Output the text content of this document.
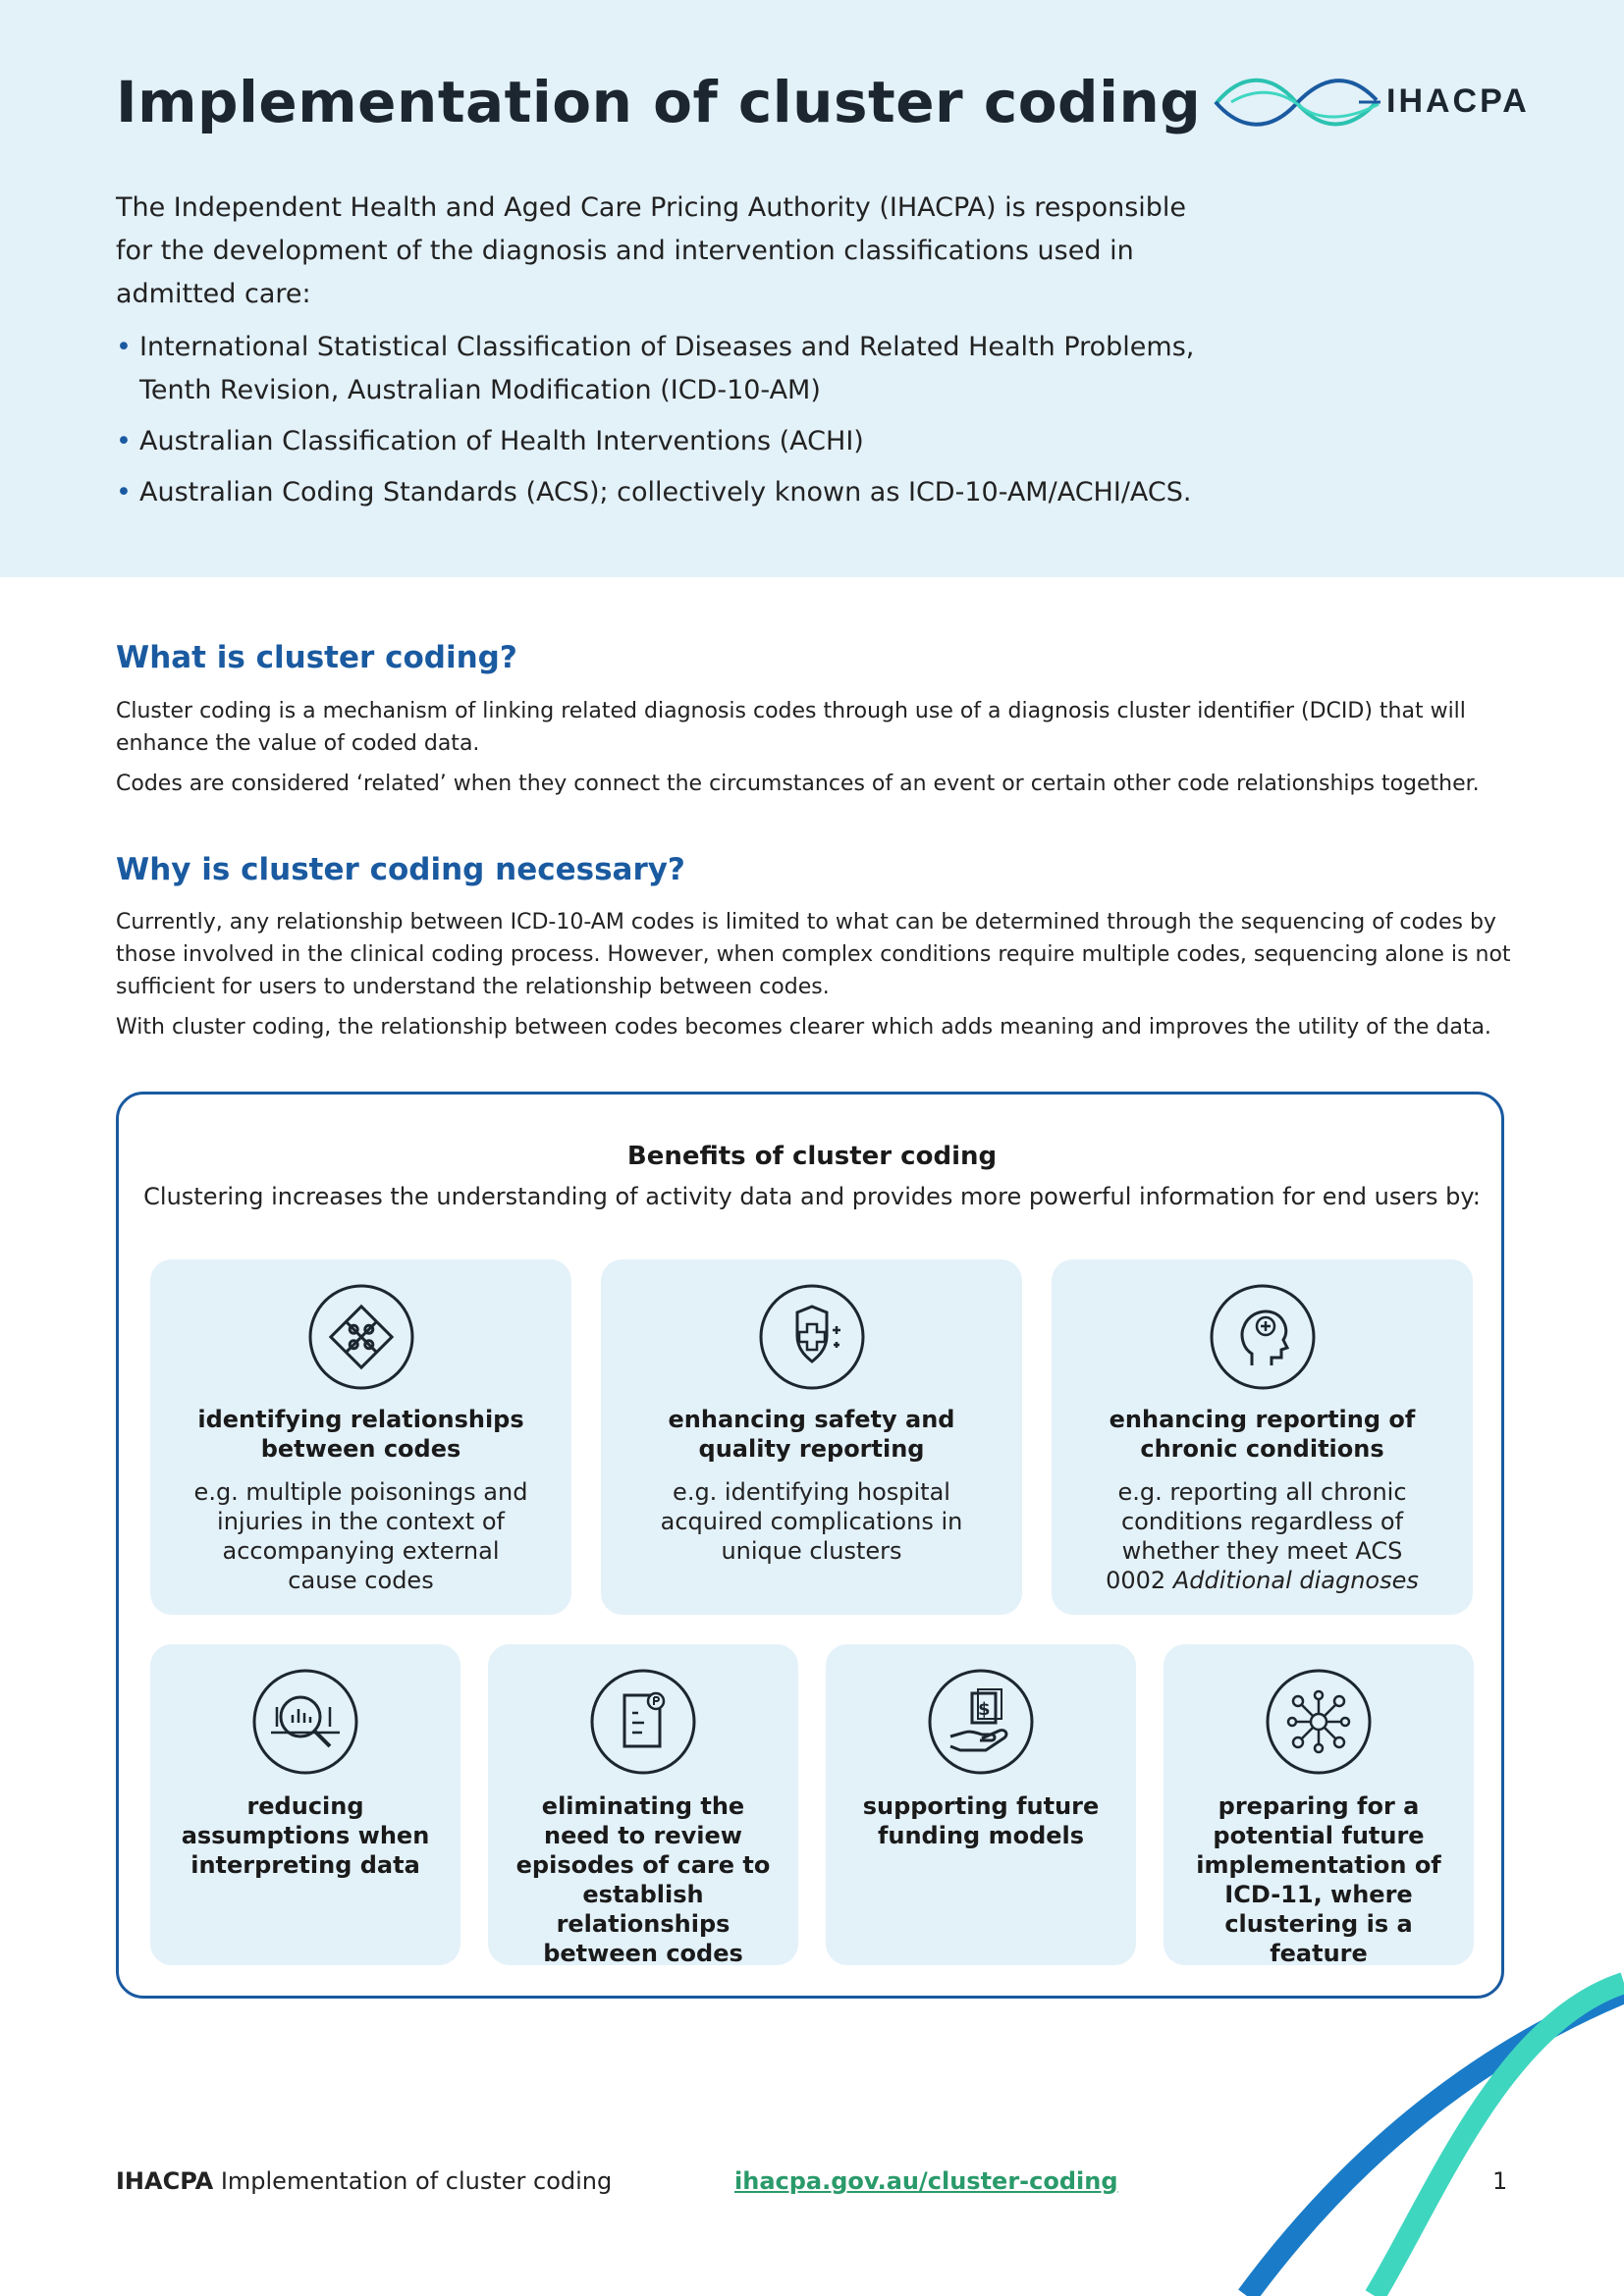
Implementation of cluster coding	IHACPA

The Independent Health and Aged Care Pricing Authority (IHACPA) is responsible for the development of the diagnosis and intervention classifications used in admitted care:

• International Statistical Classification of Diseases and Related Health Problems, Tenth Revision, Australian Modification (ICD-10-AM)
• Australian Classification of Health Interventions (ACHI)
• Australian Coding Standards (ACS); collectively known as ICD-10-AM/ACHI/ACS.
What is cluster coding?

Cluster coding is a mechanism of linking related diagnosis codes through use of a diagnosis cluster identifier (DCID) that will enhance the value of coded data.

Codes are considered ‘related’ when they connect the circumstances of an event or certain other code relationships together.

Why is cluster coding necessary?

Currently, any relationship between ICD-10-AM codes is limited to what can be determined through the sequencing of codes by those involved in the clinical coding process. However, when complex conditions require multiple codes, sequencing alone is not sufficient for users to understand the relationship between codes.

With cluster coding, the relationship between codes becomes clearer which adds meaning and improves the utility of the data.

Benefits of cluster coding
Clustering increases the understanding of activity data and provides more powerful information for end users by:
identifying relationships between codes
e.g. multiple poisonings and injuries in the context of accompanying external cause codes
enhancing safety and quality reporting
e.g. identifying hospital acquired complications in unique clusters
enhancing reporting of chronic conditions
e.g. reporting all chronic conditions regardless of whether they meet ACS 0002 Additional diagnoses
reducing assumptions when interpreting data
eliminating the need to review episodes of care to establish relationships between codes
$
supporting future funding models
preparing for a potential future implementation of ICD-11, where clustering is a feature
IHACPA Implementation of cluster coding	ihacpa.gov.au/cluster-coding	1
